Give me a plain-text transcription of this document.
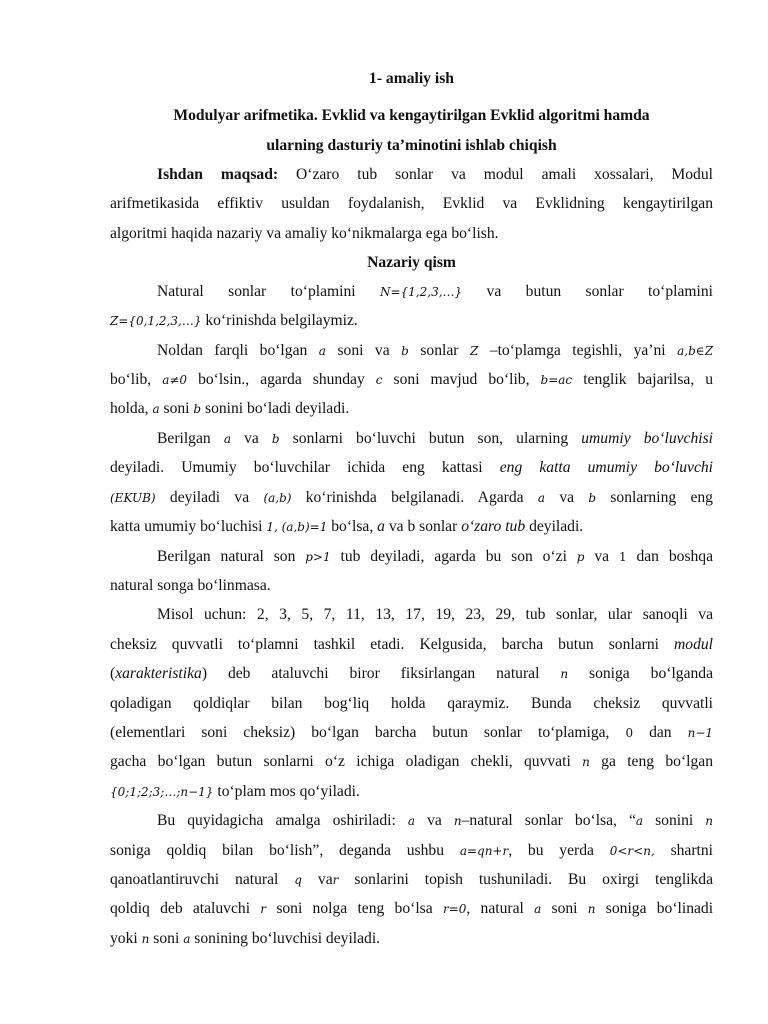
1- amaliy ish
Modulyar arifmetika. Evklid va kengaytirilgan Evklid algoritmi hamda
ularning dasturiy ta’minotini ishlab chiqish
Ishdan maqsad: O‘zaro tub sonlar va modul amali xossalari, Modul
arifmetikasida effiktiv usuldan foydalanish, Evklid va Evklidning kengaytirilgan
algoritmi haqida nazariy va amaliy ko‘nikmalarga ega bo‘lish.
Nazariy qism
Natural sonlar to‘plamini N={1,2,3,…} va butun sonlar to‘plamini
Z={0,1,2,3,…} ko‘rinishda belgilaymiz.
Noldan farqli bo‘lgan a soni va b sonlar Z –to‘plamga tegishli, ya’ni a,b∈Z
bo‘lib, a≠0 bo‘lsin., agarda shunday c soni mavjud bo‘lib, b=ac tenglik bajarilsa, u
holda, a soni b sonini bo‘ladi deyiladi.
Berilgan a va b sonlarni bo‘luvchi butun son, ularning umumiy bo‘luvchisi
deyiladi. Umumiy bo‘luvchilar ichida eng kattasi eng katta umumiy bo‘luvchi
(EKUB) deyiladi va (a,b) ko‘rinishda belgilanadi. Agarda a va b sonlarning eng
katta umumiy bo‘luchisi 1, (a,b)=1 bo‘lsa, a va b sonlar o‘zaro tub deyiladi.
Berilgan natural son p>1 tub deyiladi, agarda bu son o‘zi p va 1 dan boshqa
natural songa bo‘linmasa.
Misol uchun: 2, 3, 5, 7, 11, 13, 17, 19, 23, 29, tub sonlar, ular sanoqli va
cheksiz quvvatli to‘plamni tashkil etadi. Kelgusida, barcha butun sonlarni modul
(xarakteristika) deb ataluvchi biror fiksirlangan natural n soniga bo‘lganda
qoladigan qoldiqlar bilan bog‘liq holda qaraymiz. Bunda cheksiz quvvatli
(elementlari soni cheksiz) bo‘lgan barcha butun sonlar to‘plamiga, 0 dan n−1
gacha bo‘lgan butun sonlarni o‘z ichiga oladigan chekli, quvvati n ga teng bo‘lgan
{0;1;2;3;…;n−1} to‘plam mos qo‘yiladi.
Bu quyidagicha amalga oshiriladi: a va n–natural sonlar bo‘lsa, “a sonini n
soniga qoldiq bilan bo‘lish”, deganda ushbu a=qn+r, bu yerda 0<r<n, shartni
qanoatlantiruvchi natural q var sonlarini topish tushuniladi. Bu oxirgi tenglikda
qoldiq deb ataluvchi r soni nolga teng bo‘lsa r=0, natural a soni n soniga bo‘linadi
yoki n soni a sonining bo‘luvchisi deyiladi.
